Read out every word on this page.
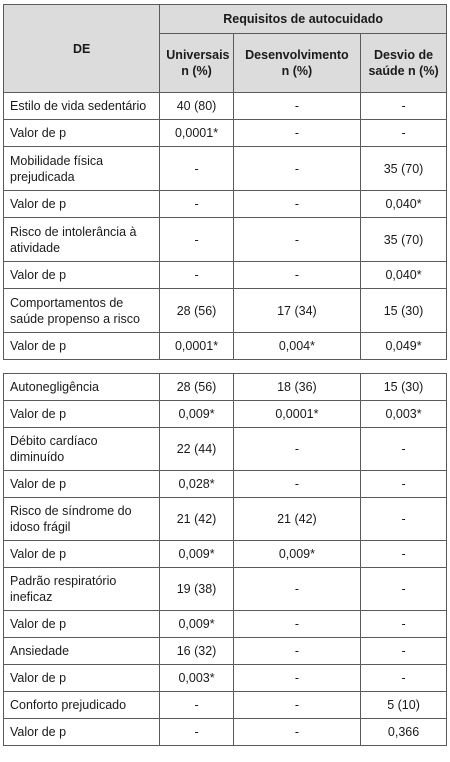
DE	Requisitos de autocuidado		
	Universais n (%)	Desenvolvimento n (%)	Desvio de saúde n (%)
Estilo de vida sedentário	40 (80)	-	-
Valor de p	0,0001*	-	-
Mobilidade física prejudicada	-	-	35 (70)
Valor de p	-	-	0,040*
Risco de intolerância à atividade	-	-	35 (70)
Valor de p	-	-	0,040*
Comportamentos de saúde propenso a risco	28 (56)	17 (34)	15 (30)
Valor de p	0,0001*	0,004*	0,049*
Autonegligência	28 (56)	18 (36)	15 (30)
Valor de p	0,009*	0,0001*	0,003*
Débito cardíaco diminuído	22 (44)	-	-
Valor de p	0,028*	-	-
Risco de síndrome do idoso frágil	21 (42)	21 (42)	-
Valor de p	0,009*	0,009*	-
Padrão respiratório ineficaz	19 (38)	-	-
Valor de p	0,009*	-	-
Ansiedade	16 (32)	-	-
Valor de p	0,003*	-	-
Conforto prejudicado	-	-	5 (10)
Valor de p	-	-	0,366
